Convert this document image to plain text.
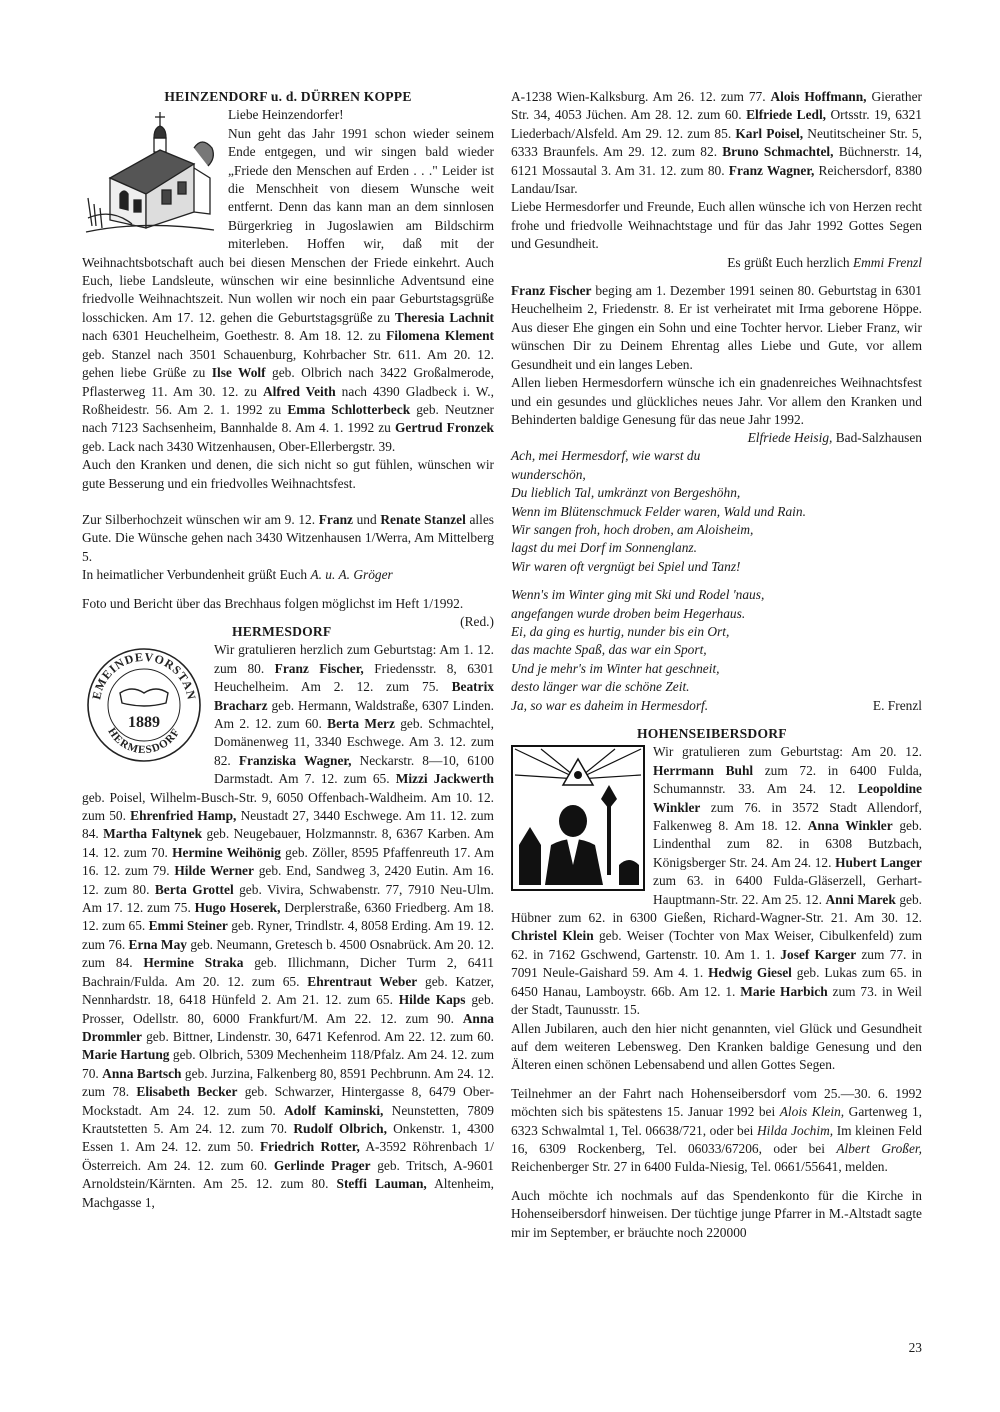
HEINZENDORF u. d. DÜRREN KOPPE

Liebe Heinzendorfer!

Nun geht das Jahr 1991 schon wieder seinem Ende entgegen, und wir singen bald wieder „Friede den Menschen auf Erden . . ." Leider ist die Menschheit von diesem Wunsche weit entfernt. Denn das kann man an dem sinnlosen Bürgerkrieg in Jugoslawien am Bildschirm miterleben. Hoffen wir, daß mit der Weihnachtsbotschaft auch bei diesen Menschen der Friede einkehrt. Auch Euch, liebe Landsleute, wünschen wir eine besinnliche Adventsund eine friedvolle Weihnachtszeit. Nun wollen wir noch ein paar Geburtstagsgrüße losschicken. Am 17. 12. gehen die Geburtstagsgrüße zu Theresia Lachnit nach 6301 Heuchelheim, Goethestr. 8. Am 18. 12. zu Filomena Klement geb. Stanzel nach 3501 Schauenburg, Kohrbacher Str. 611. Am 20. 12. gehen liebe Grüße zu Ilse Wolf geb. Olbrich nach 3422 Großalmerode, Pflasterweg 11. Am 30. 12. zu Alfred Veith nach 4390 Gladbeck i. W., Roßheidestr. 56. Am 2. 1. 1992 zu Emma Schlotterbeck geb. Neutzner nach 7123 Sachsenheim, Bannhalde 8. Am 4. 1. 1992 zu Gertrud Fronzek geb. Lack nach 3430 Witzenhausen, Ober-Ellerbergstr. 39.

Auch den Kranken und denen, die sich nicht so gut fühlen, wünschen wir gute Besserung und ein friedvolles Weihnachtsfest.

Zur Silberhochzeit wünschen wir am 9. 12. Franz und Renate Stanzel alles Gute. Die Wünsche gehen nach 3430 Witzenhausen 1/Werra, Am Mittelberg 5.

In heimatlicher Verbundenheit grüßt Euch A. u. A. Gröger

Foto und Bericht über das Brechhaus folgen möglichst im Heft 1/1992.
(Red.)

HERMESDORF
EMEINDEVORSTAN
HERMESDORF
1889

Wir gratulieren herzlich zum Geburtstag: Am 1. 12. zum 80. Franz Fischer, Friedensstr. 8, 6301 Heuchelheim. Am 2. 12. zum 75. Beatrix Bracharz geb. Hermann, Waldstraße, 6307 Linden. Am 2. 12. zum 60. Berta Merz geb. Schmachtel, Domänenweg 11, 3340 Eschwege. Am 3. 12. zum 82. Franziska Wagner, Neckarstr. 8—10, 6100 Darmstadt. Am 7. 12. zum 65. Mizzi Jackwerth geb. Poisel, Wilhelm-Busch-Str. 9, 6050 Offenbach-Waldheim. Am 10. 12. zum 50. Ehrenfried Hamp, Neustadt 27, 3440 Eschwege. Am 11. 12. zum 84. Martha Faltynek geb. Neugebauer, Holzmannstr. 8, 6367 Karben. Am 14. 12. zum 70. Hermine Weihönig geb. Zöller, 8595 Pfaffenreuth 17. Am 16. 12. zum 79. Hilde Werner geb. End, Sandweg 3, 2420 Eutin. Am 16. 12. zum 80. Berta Grottel geb. Vivira, Schwabenstr. 77, 7910 Neu-Ulm. Am 17. 12. zum 75. Hugo Hoserek, Derplerstraße, 6360 Friedberg. Am 18. 12. zum 65. Emmi Steiner geb. Ryner, Trindlstr. 4, 8058 Erding. Am 19. 12. zum 76. Erna May geb. Neumann, Gretesch b. 4500 Osnabrück. Am 20. 12. zum 84. Hermine Straka geb. Illichmann, Dicher Turm 2, 6411 Bachrain/Fulda. Am 20. 12. zum 65. Ehrentraut Weber geb. Katzer, Nennhardstr. 18, 6418 Hünfeld 2. Am 21. 12. zum 65. Hilde Kaps geb. Prosser, Odellstr. 80, 6000 Frankfurt/M. Am 22. 12. zum 90. Anna Drommler geb. Bittner, Lindenstr. 30, 6471 Kefenrod. Am 22. 12. zum 60. Marie Hartung geb. Olbrich, 5309 Mechenheim 118/Pfalz. Am 24. 12. zum 70. Anna Bartsch geb. Jurzina, Falkenberg 80, 8591 Pechbrunn. Am 24. 12. zum 78. Elisabeth Becker geb. Schwarzer, Hintergasse 8, 6479 Ober-Mockstadt. Am 24. 12. zum 50. Adolf Kaminski, Neunstetten, 7809 Krautstetten 5. Am 24. 12. zum 70. Rudolf Olbrich, Onkenstr. 1, 4300 Essen 1. Am 24. 12. zum 50. Friedrich Rotter, A-3592 Röhrenbach 1/Österreich. Am 24. 12. zum 60. Gerlinde Prager geb. Tritsch, A-9601 Arnoldstein/Kärnten. Am 25. 12. zum 80. Steffi Lauman, Altenheim, Machgasse 1,

A-1238 Wien-Kalksburg. Am 26. 12. zum 77. Alois Hoffmann, Gierather Str. 34, 4053 Jüchen. Am 28. 12. zum 60. Elfriede Ledl, Ortsstr. 19, 6321 Liederbach/Alsfeld. Am 29. 12. zum 85. Karl Poisel, Neutitscheiner Str. 5, 6333 Braunfels. Am 29. 12. zum 82. Bruno Schmachtel, Büchnerstr. 14, 6121 Mossautal 3. Am 31. 12. zum 80. Franz Wagner, Reichersdorf, 8380 Landau/Isar.

Liebe Hermesdorfer und Freunde, Euch allen wünsche ich von Herzen recht frohe und friedvolle Weihnachtstage und für das Jahr 1992 Gottes Segen und Gesundheit.

Es grüßt Euch herzlich Emmi Frenzl

Franz Fischer beging am 1. Dezember 1991 seinen 80. Geburtstag in 6301 Heuchelheim 2, Friedenstr. 8. Er ist verheiratet mit Irma geborene Höppe. Aus dieser Ehe gingen ein Sohn und eine Tochter hervor. Lieber Franz, wir wünschen Dir zu Deinem Ehrentag alles Liebe und Gute, vor allem Gesundheit und ein langes Leben.

Allen lieben Hermesdorfern wünsche ich ein gnadenreiches Weihnachtsfest und ein gesundes und glückliches neues Jahr. Vor allem den Kranken und Behinderten baldige Genesung für das neue Jahr 1992.
Elfriede Heisig, Bad-Salzhausen

Ach, mei Hermesdorf, wie warst du wunderschön,

Du lieblich Tal, umkränzt von Bergeshöhn,

Wenn im Blütenschmuck Felder waren, Wald und Rain.

Wir sangen froh, hoch droben, am Aloisheim,

lagst du mei Dorf im Sonnenglanz.

Wir waren oft vergnügt bei Spiel und Tanz!

Wenn's im Winter ging mit Ski und Rodel 'naus,

angefangen wurde droben beim Hegerhaus.

Ei, da ging es hurtig, nunder bis ein Ort,

das machte Spaß, das war ein Sport,

Und je mehr's im Winter hat geschneit,

desto länger war die schöne Zeit.

Ja, so war es daheim in Hermesdorf.	E. Frenzl
HOHENSEIBERSDORF

Wir gratulieren zum Geburtstag: Am 20. 12. Herrmann Buhl zum 72. in 6400 Fulda, Schumannstr. 33. Am 24. 12. Leopoldine Winkler zum 76. in 3572 Stadt Allendorf, Falkenweg 8. Am 18. 12. Anna Winkler geb. Lindenthal zum 82. in 6308 Butzbach, Königsberger Str. 24. Am 24. 12. Hubert Langer zum 63. in 6400 Fulda-Gläserzell, Gerhart-Hauptmann-Str. 22. Am 25. 12. Anni Marek geb. Hübner zum 62. in 6300 Gießen, Richard-Wagner-Str. 21. Am 30. 12. Christel Klein geb. Weiser (Tochter von Max Weiser, Cibulkenfeld) zum 62. in 7162 Gschwend, Gartenstr. 10. Am 1. 1. Josef Karger zum 77. in 7091 Neule-Gaishard 59. Am 4. 1. Hedwig Giesel geb. Lukas zum 65. in 6450 Hanau, Lamboystr. 66b. Am 12. 1. Marie Harbich zum 73. in Weil der Stadt, Taunusstr. 15.

Allen Jubilaren, auch den hier nicht genannten, viel Glück und Gesundheit auf dem weiteren Lebensweg. Den Kranken baldige Genesung und den Älteren einen schönen Lebensabend und allen Gottes Segen.

Teilnehmer an der Fahrt nach Hohenseibersdorf vom 25.—30. 6. 1992 möchten sich bis spätestens 15. Januar 1992 bei Alois Klein, Gartenweg 1, 6323 Schwalmtal 1, Tel. 06638/721, oder bei Hilda Jochim, Im kleinen Feld 16, 6309 Rockenberg, Tel. 06033/67206, oder bei Albert Großer, Reichenberger Str. 27 in 6400 Fulda-Niesig, Tel. 0661/55641, melden.

Auch möchte ich nochmals auf das Spendenkonto für die Kirche in Hohenseibersdorf hinweisen. Der tüchtige junge Pfarrer in M.-Altstadt sagte mir im September, er bräuchte noch 220000

23
